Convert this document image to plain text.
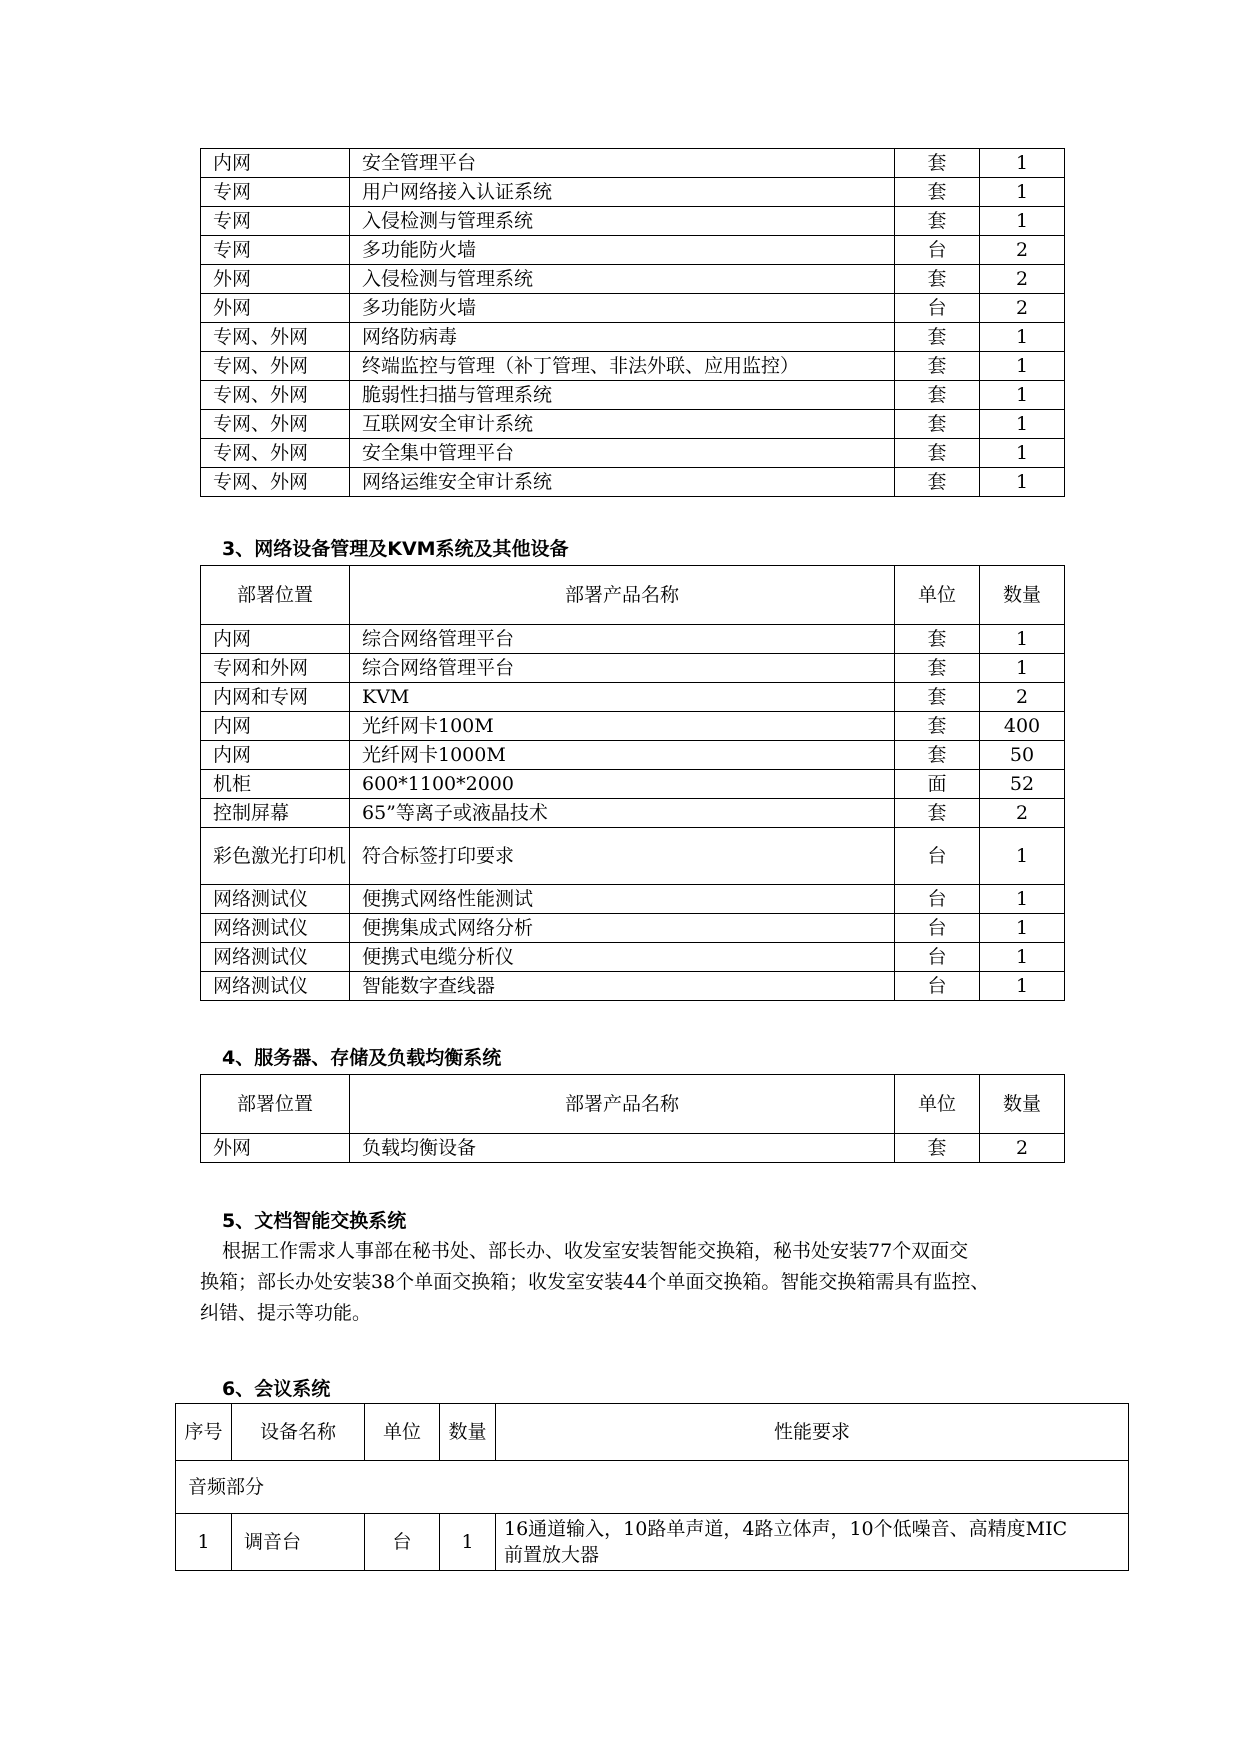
内网	安全管理平台	套	1
专网	用户网络接入认证系统	套	1
专网	入侵检测与管理系统	套	1
专网	多功能防火墙	台	2
外网	入侵检测与管理系统	套	2
外网	多功能防火墙	台	2
专网、外网	网络防病毒	套	1
专网、外网	终端监控与管理（补丁管理、非法外联、应用监控）	套	1
专网、外网	脆弱性扫描与管理系统	套	1
专网、外网	互联网安全审计系统	套	1
专网、外网	安全集中管理平台	套	1
专网、外网	网络运维安全审计系统	套	1
3、网络设备管理及KVM系统及其他设备
部署位置	部署产品名称	单位	数量
内网	综合网络管理平台	套	1
专网和外网	综合网络管理平台	套	1
内网和专网	KVM	套	2
内网	光纤网卡100M	套	400
内网	光纤网卡1000M	套	50
机柜	600*1100*2000	面	52
控制屏幕	65”等离子或液晶技术	套	2
彩色激光打印机	符合标签打印要求	台	1
网络测试仪	便携式网络性能测试	台	1
网络测试仪	便携集成式网络分析	台	1
网络测试仪	便携式电缆分析仪	台	1
网络测试仪	智能数字查线器	台	1
4、服务器、存储及负载均衡系统
部署位置	部署产品名称	单位	数量
外网	负载均衡设备	套	2
5、文档智能交换系统
根据工作需求人事部在秘书处、部长办、收发室安装智能交换箱，秘书处安装77个双面交
换箱；部长办处安装38个单面交换箱；收发室安装44个单面交换箱。智能交换箱需具有监控、
纠错、提示等功能。
6、会议系统
序号	设备名称	单位	数量	性能要求
音频部分				
1	调音台	台	1	16通道输入，10路单声道，4路立体声，10个低噪音、高精度MIC
前置放大器
